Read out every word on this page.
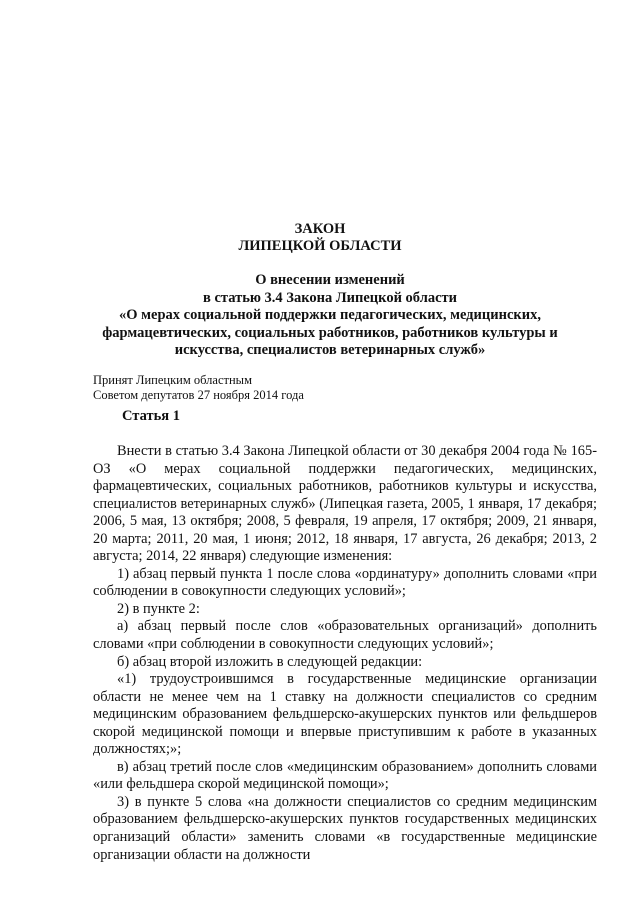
ЗАКОН
ЛИПЕЦКОЙ ОБЛАСТИ
О внесении изменений
в статью 3.4 Закона Липецкой области
«О мерах социальной поддержки педагогических, медицинских,
фармацевтических, социальных работников, работников культуры и
искусства, специалистов ветеринарных служб»
Принят Липецким областным
Советом депутатов 27 ноября 2014 года
Статья 1

Внести в статью 3.4 Закона Липецкой области от 30 декабря 2004 года № 165-ОЗ «О мерах социальной поддержки педагогических, медицинских, фармацевтических, социальных работников, работников культуры и искусства, специалистов ветеринарных служб» (Липецкая газета, 2005, 1 января, 17 декабря; 2006, 5 мая, 13 октября; 2008, 5 февраля, 19 апреля, 17 октября; 2009, 21 января, 20 марта; 2011, 20 мая, 1 июня; 2012, 18 января, 17 августа, 26 декабря; 2013, 2 августа; 2014, 22 января) следующие изменения:

1) абзац первый пункта 1 после слова «ординатуру» дополнить словами «при соблюдении в совокупности следующих условий»;

2) в пункте 2:

а) абзац первый после слов «образовательных организаций» дополнить словами «при соблюдении в совокупности следующих условий»;

б) абзац второй изложить в следующей редакции:

«1) трудоустроившимся в государственные медицинские организации области не менее чем на 1 ставку на должности специалистов со средним медицинским образованием фельдшерско-акушерских пунктов или фельдшеров скорой медицинской помощи и впервые приступившим к работе в указанных должностях;»;

в) абзац третий после слов «медицинским образованием» дополнить словами «или фельдшера скорой медицинской помощи»;

3) в пункте 5 слова «на должности специалистов со средним медицинским образованием фельдшерско-акушерских пунктов государственных медицинских организаций области» заменить словами «в государственные медицинские организации области на должности
